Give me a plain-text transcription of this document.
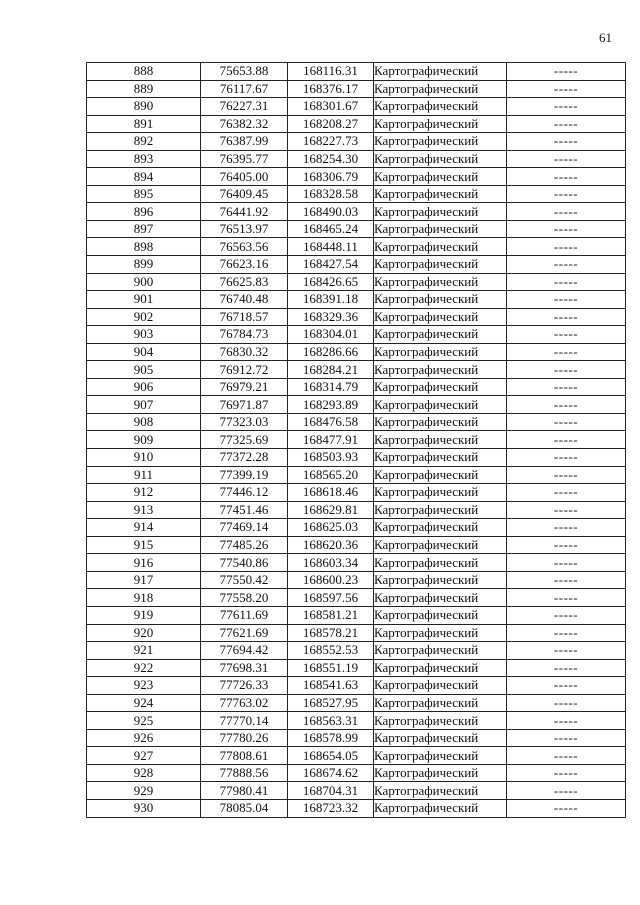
61
888	75653.88	168116.31	Картографический	-----
889	76117.67	168376.17	Картографический	-----
890	76227.31	168301.67	Картографический	-----
891	76382.32	168208.27	Картографический	-----
892	76387.99	168227.73	Картографический	-----
893	76395.77	168254.30	Картографический	-----
894	76405.00	168306.79	Картографический	-----
895	76409.45	168328.58	Картографический	-----
896	76441.92	168490.03	Картографический	-----
897	76513.97	168465.24	Картографический	-----
898	76563.56	168448.11	Картографический	-----
899	76623.16	168427.54	Картографический	-----
900	76625.83	168426.65	Картографический	-----
901	76740.48	168391.18	Картографический	-----
902	76718.57	168329.36	Картографический	-----
903	76784.73	168304.01	Картографический	-----
904	76830.32	168286.66	Картографический	-----
905	76912.72	168284.21	Картографический	-----
906	76979.21	168314.79	Картографический	-----
907	76971.87	168293.89	Картографический	-----
908	77323.03	168476.58	Картографический	-----
909	77325.69	168477.91	Картографический	-----
910	77372.28	168503.93	Картографический	-----
911	77399.19	168565.20	Картографический	-----
912	77446.12	168618.46	Картографический	-----
913	77451.46	168629.81	Картографический	-----
914	77469.14	168625.03	Картографический	-----
915	77485.26	168620.36	Картографический	-----
916	77540.86	168603.34	Картографический	-----
917	77550.42	168600.23	Картографический	-----
918	77558.20	168597.56	Картографический	-----
919	77611.69	168581.21	Картографический	-----
920	77621.69	168578.21	Картографический	-----
921	77694.42	168552.53	Картографический	-----
922	77698.31	168551.19	Картографический	-----
923	77726.33	168541.63	Картографический	-----
924	77763.02	168527.95	Картографический	-----
925	77770.14	168563.31	Картографический	-----
926	77780.26	168578.99	Картографический	-----
927	77808.61	168654.05	Картографический	-----
928	77888.56	168674.62	Картографический	-----
929	77980.41	168704.31	Картографический	-----
930	78085.04	168723.32	Картографический	-----
